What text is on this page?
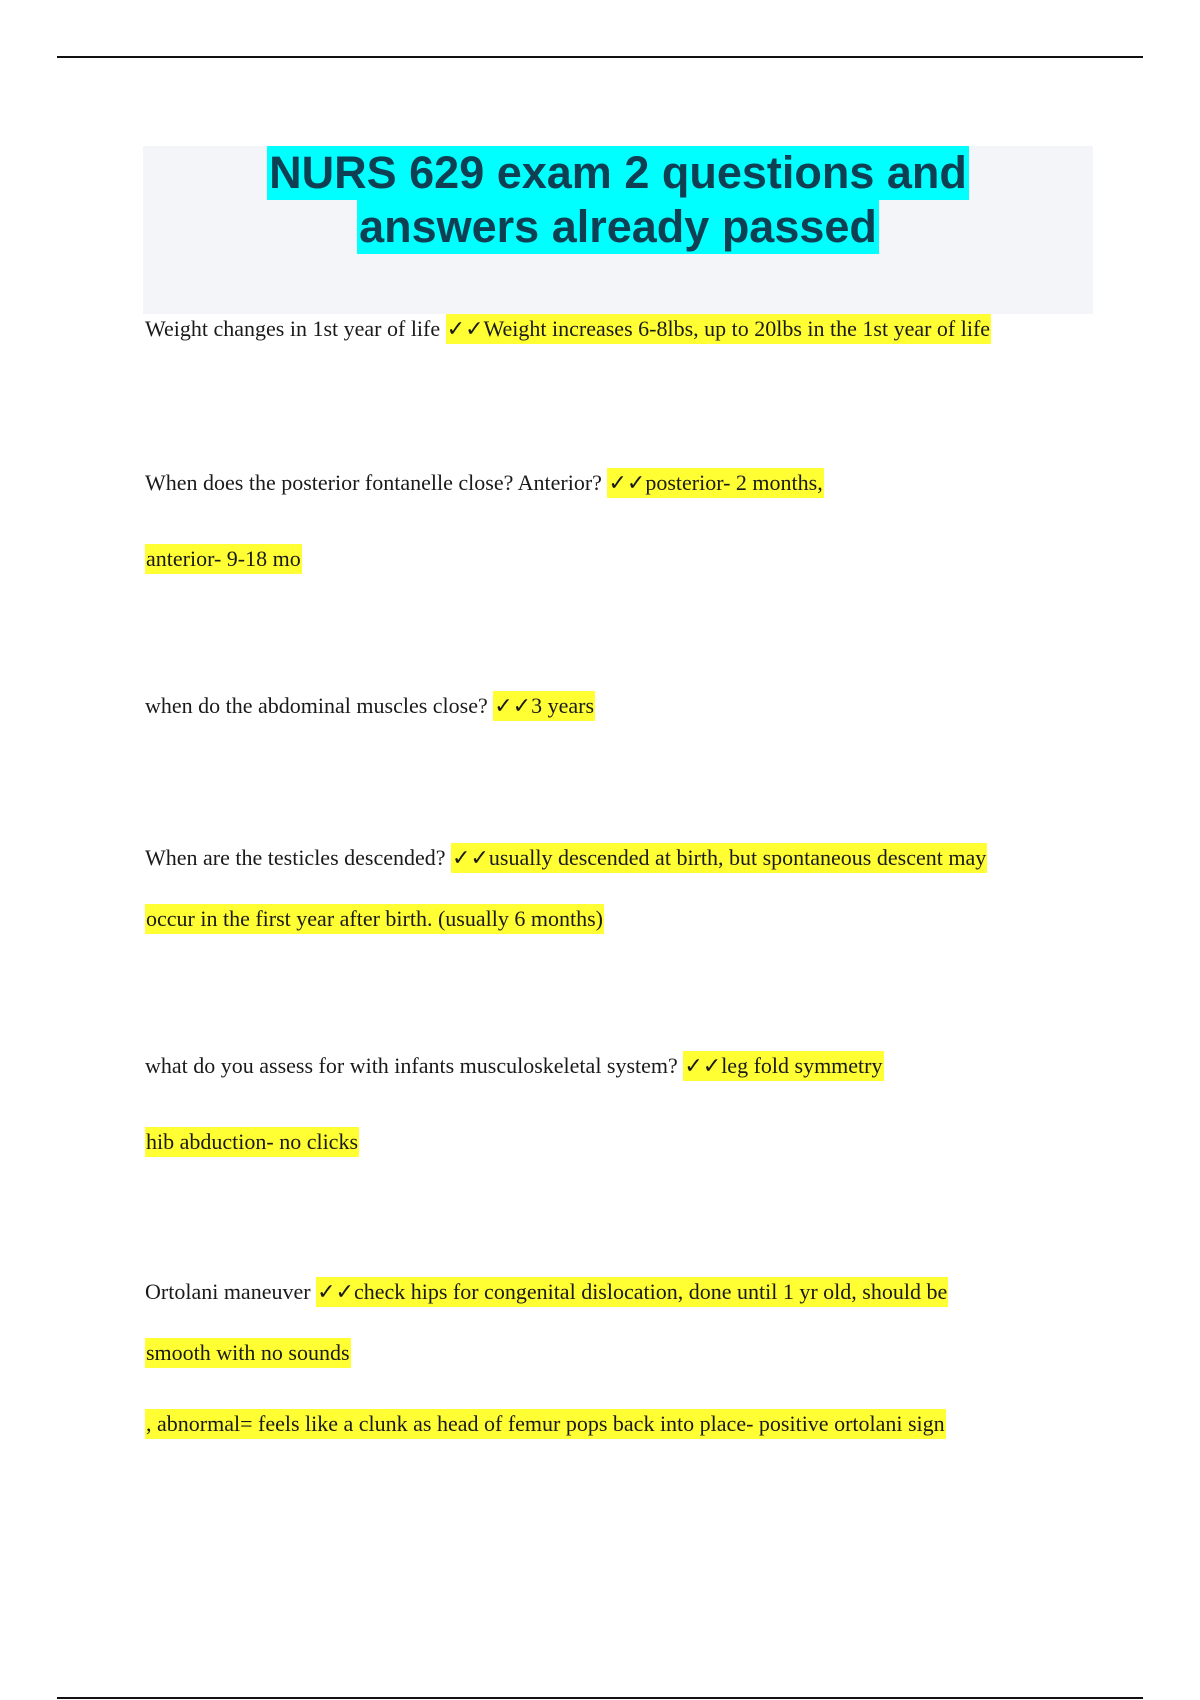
NURS 629 exam 2 questions and
answers already passed
Weight changes in 1st year of life ✓✓Weight increases 6-8lbs, up to 20lbs in the 1st year of life
When does the posterior fontanelle close? Anterior? ✓✓posterior- 2 months,
anterior- 9-18 mo
when do the abdominal muscles close? ✓✓3 years
When are the testicles descended? ✓✓usually descended at birth, but spontaneous descent may
occur in the first year after birth. (usually 6 months)
what do you assess for with infants musculoskeletal system? ✓✓leg fold symmetry
hib abduction- no clicks
Ortolani maneuver ✓✓check hips for congenital dislocation, done until 1 yr old, should be
smooth with no sounds
, abnormal= feels like a clunk as head of femur pops back into place- positive ortolani sign
